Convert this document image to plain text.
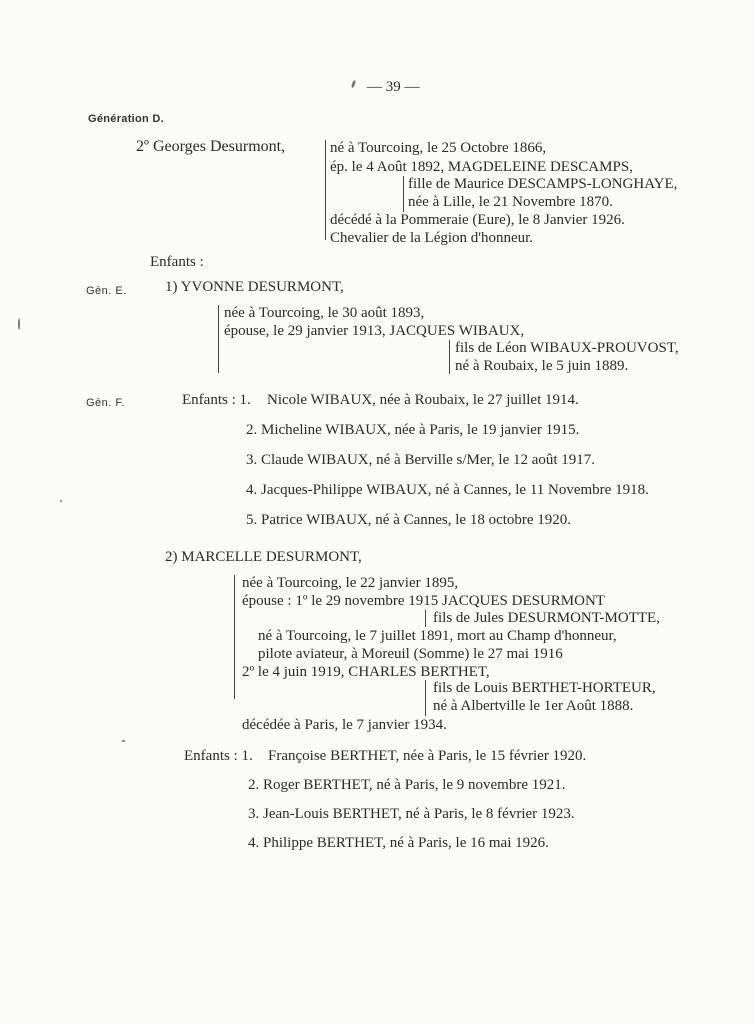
— 39 —
Génération D.
2º Georges Desurmont,	né à Tourcoing, le 25 Octobre 1866,
ép. le 4 Août 1892, MAGDELEINE DESCAMPS,
fille de Maurice DESCAMPS-LONGHAYE,
née à Lille, le 21 Novembre 1870.
décédé à la Pommeraie (Eure), le 8 Janvier 1926.
Chevalier de la Légion d'honneur.
Enfants :
Gén. E.	1) YVONNE DESURMONT,
née à Tourcoing, le 30 août 1893,
épouse, le 29 janvier 1913, JACQUES WIBAUX,
fils de Léon WIBAUX-PROUVOST,
né à Roubaix, le 5 juin 1889.
Gén. F.	Enfants : 1. Nicole WIBAUX, née à Roubaix, le 27 juillet 1914.
2. Micheline WIBAUX, née à Paris, le 19 janvier 1915.
3. Claude WIBAUX, né à Berville s/Mer, le 12 août 1917.
4. Jacques-Philippe WIBAUX, né à Cannes, le 11 Novembre 1918.
5. Patrice WIBAUX, né à Cannes, le 18 octobre 1920.
2) MARCELLE DESURMONT,
née à Tourcoing, le 22 janvier 1895,
épouse : 1º le 29 novembre 1915 JACQUES DESURMONT
fils de Jules DESURMONT-MOTTE,
né à Tourcoing, le 7 juillet 1891, mort au Champ d'honneur,
pilote aviateur, à Moreuil (Somme) le 27 mai 1916
2º le 4 juin 1919, CHARLES BERTHET,
fils de Louis BERTHET-HORTEUR,
né à Albertville le 1er Août 1888.
décédée à Paris, le 7 janvier 1934.
Enfants : 1. Françoise BERTHET, née à Paris, le 15 février 1920.
2. Roger BERTHET, né à Paris, le 9 novembre 1921.
3. Jean-Louis BERTHET, né à Paris, le 8 février 1923.
4. Philippe BERTHET, né à Paris, le 16 mai 1926.
